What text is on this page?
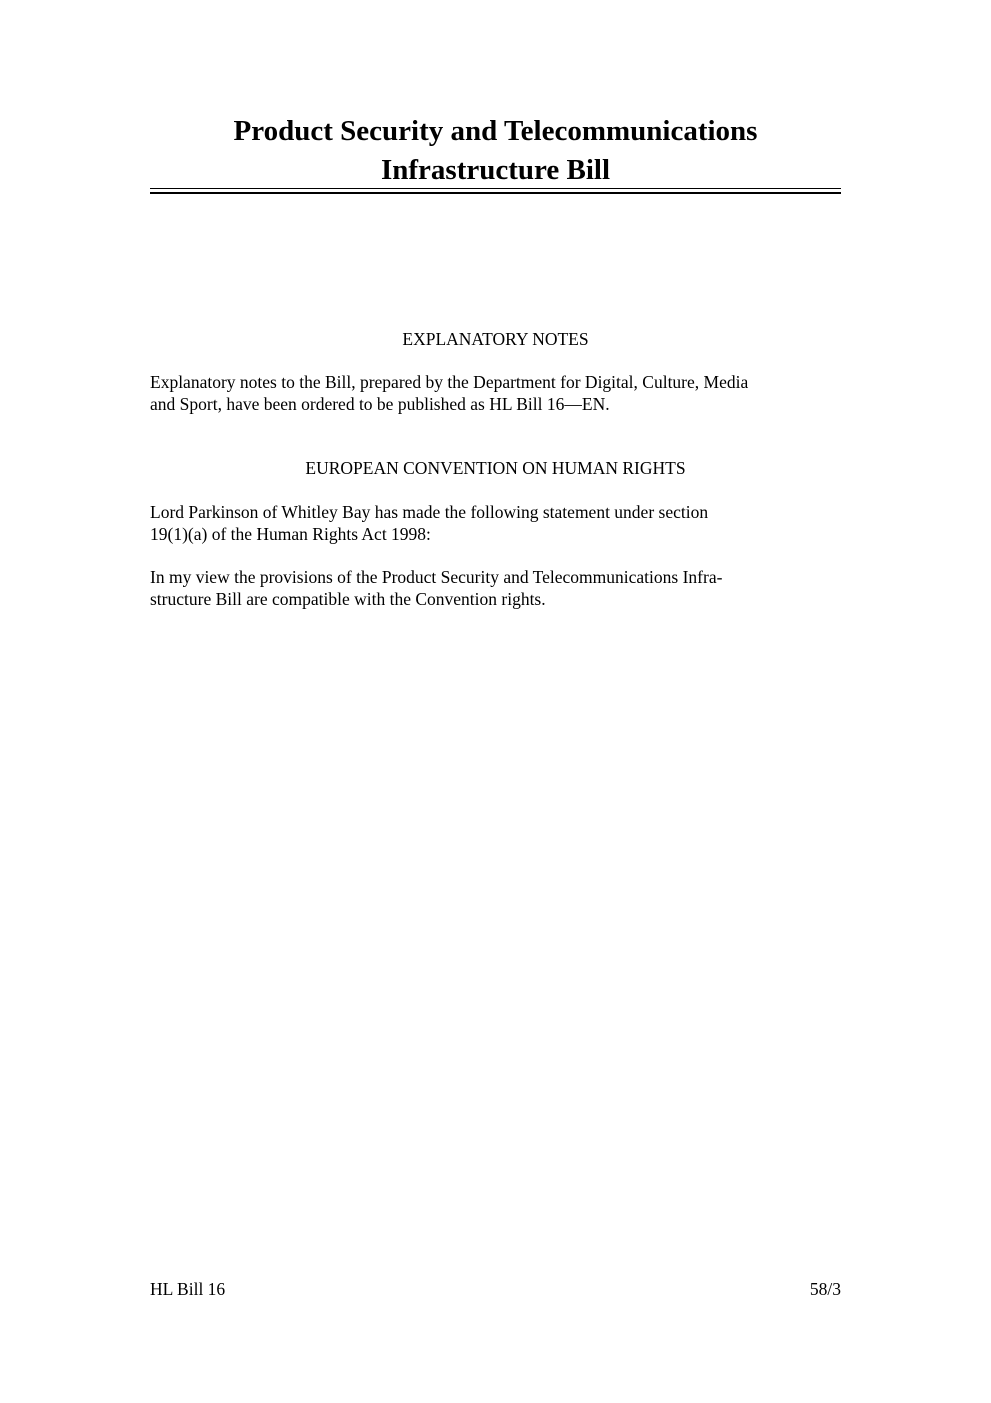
Product Security and Telecommunications

Infrastructure Bill

EXPLANATORY NOTES

Explanatory notes to the Bill, prepared by the Department for Digital, Culture, Media

and Sport, have been ordered to be published as HL Bill 16—EN.

EUROPEAN CONVENTION ON HUMAN RIGHTS

Lord Parkinson of Whitley Bay has made the following statement under section

19(1)(a) of the Human Rights Act 1998:

In my view the provisions of the Product Security and Telecommunications Infra-

structure Bill are compatible with the Convention rights.

HL Bill 16	58/3
